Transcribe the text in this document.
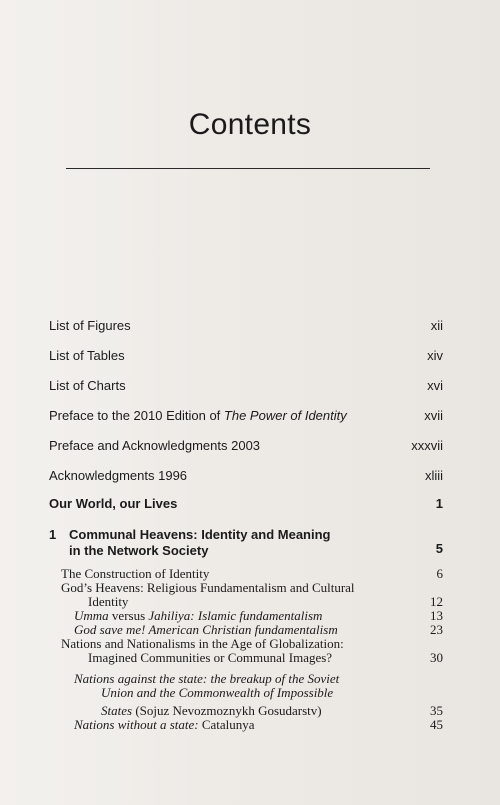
Contents
List of Figures	xii
List of Tables	xiv
List of Charts	xvi
Preface to the 2010 Edition of The Power of Identity	xvii
Preface and Acknowledgments 2003	xxxvii
Acknowledgments 1996	xliii
Our World, our Lives	1
1 Communal Heavens: Identity and Meaning
in the Network Society	5
The Construction of Identity	6
God’s Heavens: Religious Fundamentalism and Cultural
Identity	12
Umma versus Jahiliya: Islamic fundamentalism	13
God save me! American Christian fundamentalism	23
Nations and Nationalisms in the Age of Globalization:
Imagined Communities or Communal Images?	30
Nations against the state: the breakup of the Soviet
Union and the Commonwealth of Impossible
States (Sojuz Nevozmoznykh Gosudarstv)	35
Nations without a state: Catalunya	45
